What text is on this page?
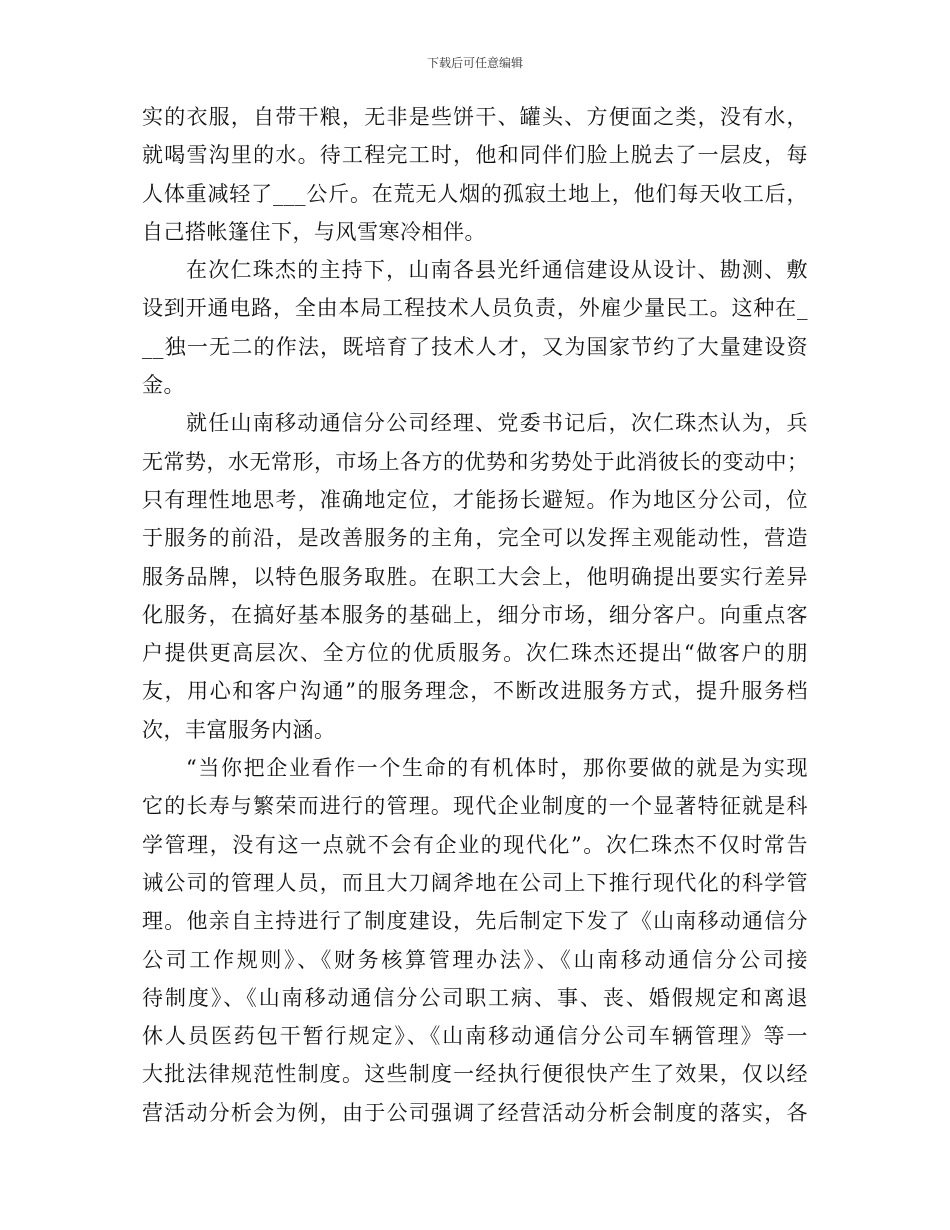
下载后可任意编辑
实的衣服，自带干粮，无非是些饼干、罐头、方便面之类，没有水，
就喝雪沟里的水。待工程完工时，他和同伴们脸上脱去了一层皮，每
人体重减轻了___公斤。在荒无人烟的孤寂土地上，他们每天收工后，
自己搭帐篷住下，与风雪寒冷相伴。
在次仁珠杰的主持下，山南各县光纤通信建设从设计、勘测、敷
设到开通电路，全由本局工程技术人员负责，外雇少量民工。这种在_
__独一无二的作法，既培育了技术人才，又为国家节约了大量建设资
金。
就任山南移动通信分公司经理、党委书记后，次仁珠杰认为，兵
无常势，水无常形，市场上各方的优势和劣势处于此消彼长的变动中；
只有理性地思考，准确地定位，才能扬长避短。作为地区分公司，位
于服务的前沿，是改善服务的主角，完全可以发挥主观能动性，营造
服务品牌，以特色服务取胜。在职工大会上，他明确提出要实行差异
化服务，在搞好基本服务的基础上，细分市场，细分客户。向重点客
户提供更高层次、全方位的优质服务。次仁珠杰还提出“做客户的朋
友，用心和客户沟通”的服务理念，不断改进服务方式，提升服务档
次，丰富服务内涵。
“当你把企业看作一个生命的有机体时，那你要做的就是为实现
它的长寿与繁荣而进行的管理。现代企业制度的一个显著特征就是科
学管理，没有这一点就不会有企业的现代化”。次仁珠杰不仅时常告
诫公司的管理人员，而且大刀阔斧地在公司上下推行现代化的科学管
理。他亲自主持进行了制度建设，先后制定下发了《山南移动通信分
公司工作规则》、《财务核算管理办法》、《山南移动通信分公司接
待制度》、《山南移动通信分公司职工病、事、丧、婚假规定和离退
休人员医药包干暂行规定》、《山南移动通信分公司车辆管理》等一
大批法律规范性制度。这些制度一经执行便很快产生了效果，仅以经
营活动分析会为例，由于公司强调了经营活动分析会制度的落实，各
